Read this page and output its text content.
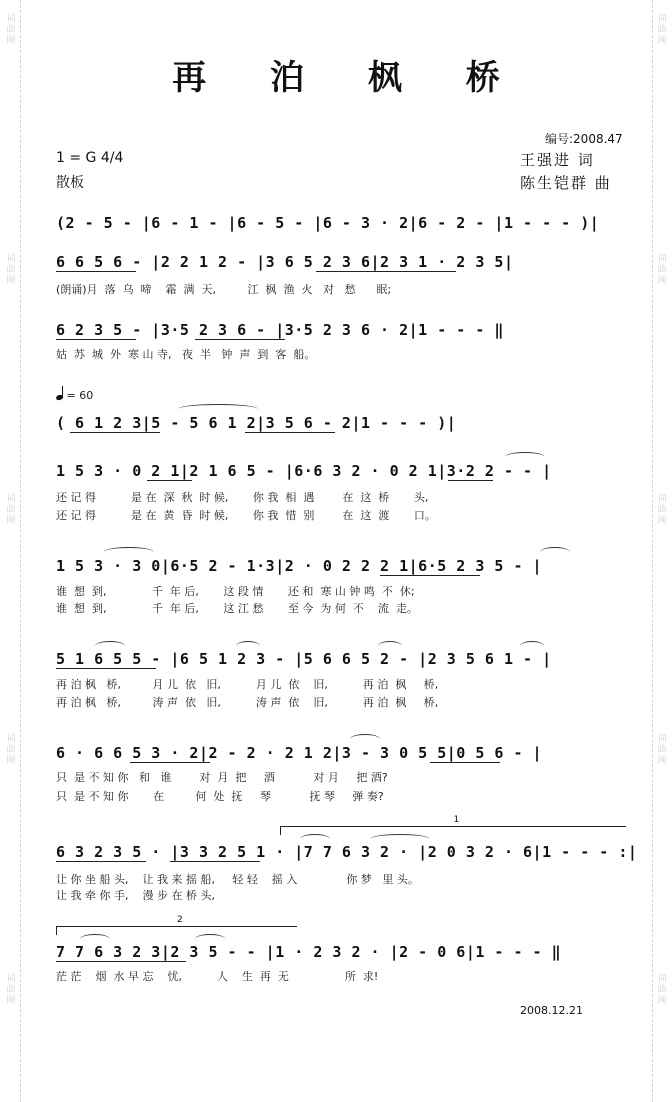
词
曲
网
词
曲
网
词
曲
网
词
曲
网
词
曲
网
词
曲
网
词
曲
网
词
曲
网
词
曲
网
词
曲
网
再 泊 枫 桥
编号:2008.47
1 = G 4/4
散板
王强进 词
陈生铠群 曲
(2 - 5 - |6 - 1 - |6 - 5 - |6 - 3 · 2|6 - 2 - |1 - - - )|
6 6 5 6 - |2 2 1 2 - |3 6 5 2 3 6|2 3 1 · 2 3 5|
(朗诵)月  落  乌  啼    霜  满  天,         江  枫  渔  火   对   愁      眠;
6 2 3 5 - |3·5 2 3 6 - |3·5 2 3 6 · 2|1 - - - ‖
姑  苏  城  外  寒 山 寺,   夜  半   钟  声  到  客  船。
= 60
( 6 1 2 3|5 - 5 6 1 2|3 5 6 - 2|1 - - - )|
1 5 3 · 0 2 1|2 1 6 5 - |6·6 3 2 · 0 2 1|3·2 2 - - |
还 记 得          是 在  深  秋  时 候,       你 我  相  遇        在  这  桥       头,
还 记 得          是 在  黄  昏  时 候,       你 我  惜  别        在  这  渡       口。
1 5 3 · 3 0|6·5 2 - 1·3|2 · 0 2 2 2 1|6·5 2 3 5 - |
谁  想  到,             千  年 后,       这 段 情       还 和  寒 山 钟 鸣  不  休;
谁  想  到,             千  年 后,       这 江 愁       至 今  为 何  不    流  走。
5 1 6 5 5 - |6 5 1 2 3 - |5 6 6 5 2 - |2 3 5 6 1 - |
再 泊 枫   桥,         月 儿  依   旧,          月 儿  依    旧,          再 泊  枫     桥,
再 泊 枫   桥,         涛 声  依   旧,          涛 声  依    旧,          再 泊  枫     桥,
6 · 6 6 5 3 · 2|2 - 2 · 2 1 2|3 - 3 0 5 5|0 5 6 - |
只  是 不 知 你   和   谁        对  月  把     酒           对 月     把 酒?
只  是 不 知 你       在         何  处  抚     琴           抚 琴     弹 奏?
1
6 3 2 3 5 · |3 3 2 5 1 · |7 7 6 3 2 · |2 0 3 2 · 6|1 - - - :|
让 你 坐 船 头,    让 我 来 摇 船,     轻 轻    摇 入              你 梦   里 头。
让 我 牵 你 手,    漫 步 在 桥 头,
2
7 7 6 3 2 3|2 3 5 - - |1 · 2 3 2 · |2 - 0 6|1 - - - ‖
茫 茫    烟  水 早 忘    忧,          人    生  再  无                所  求!
2008.12.21
